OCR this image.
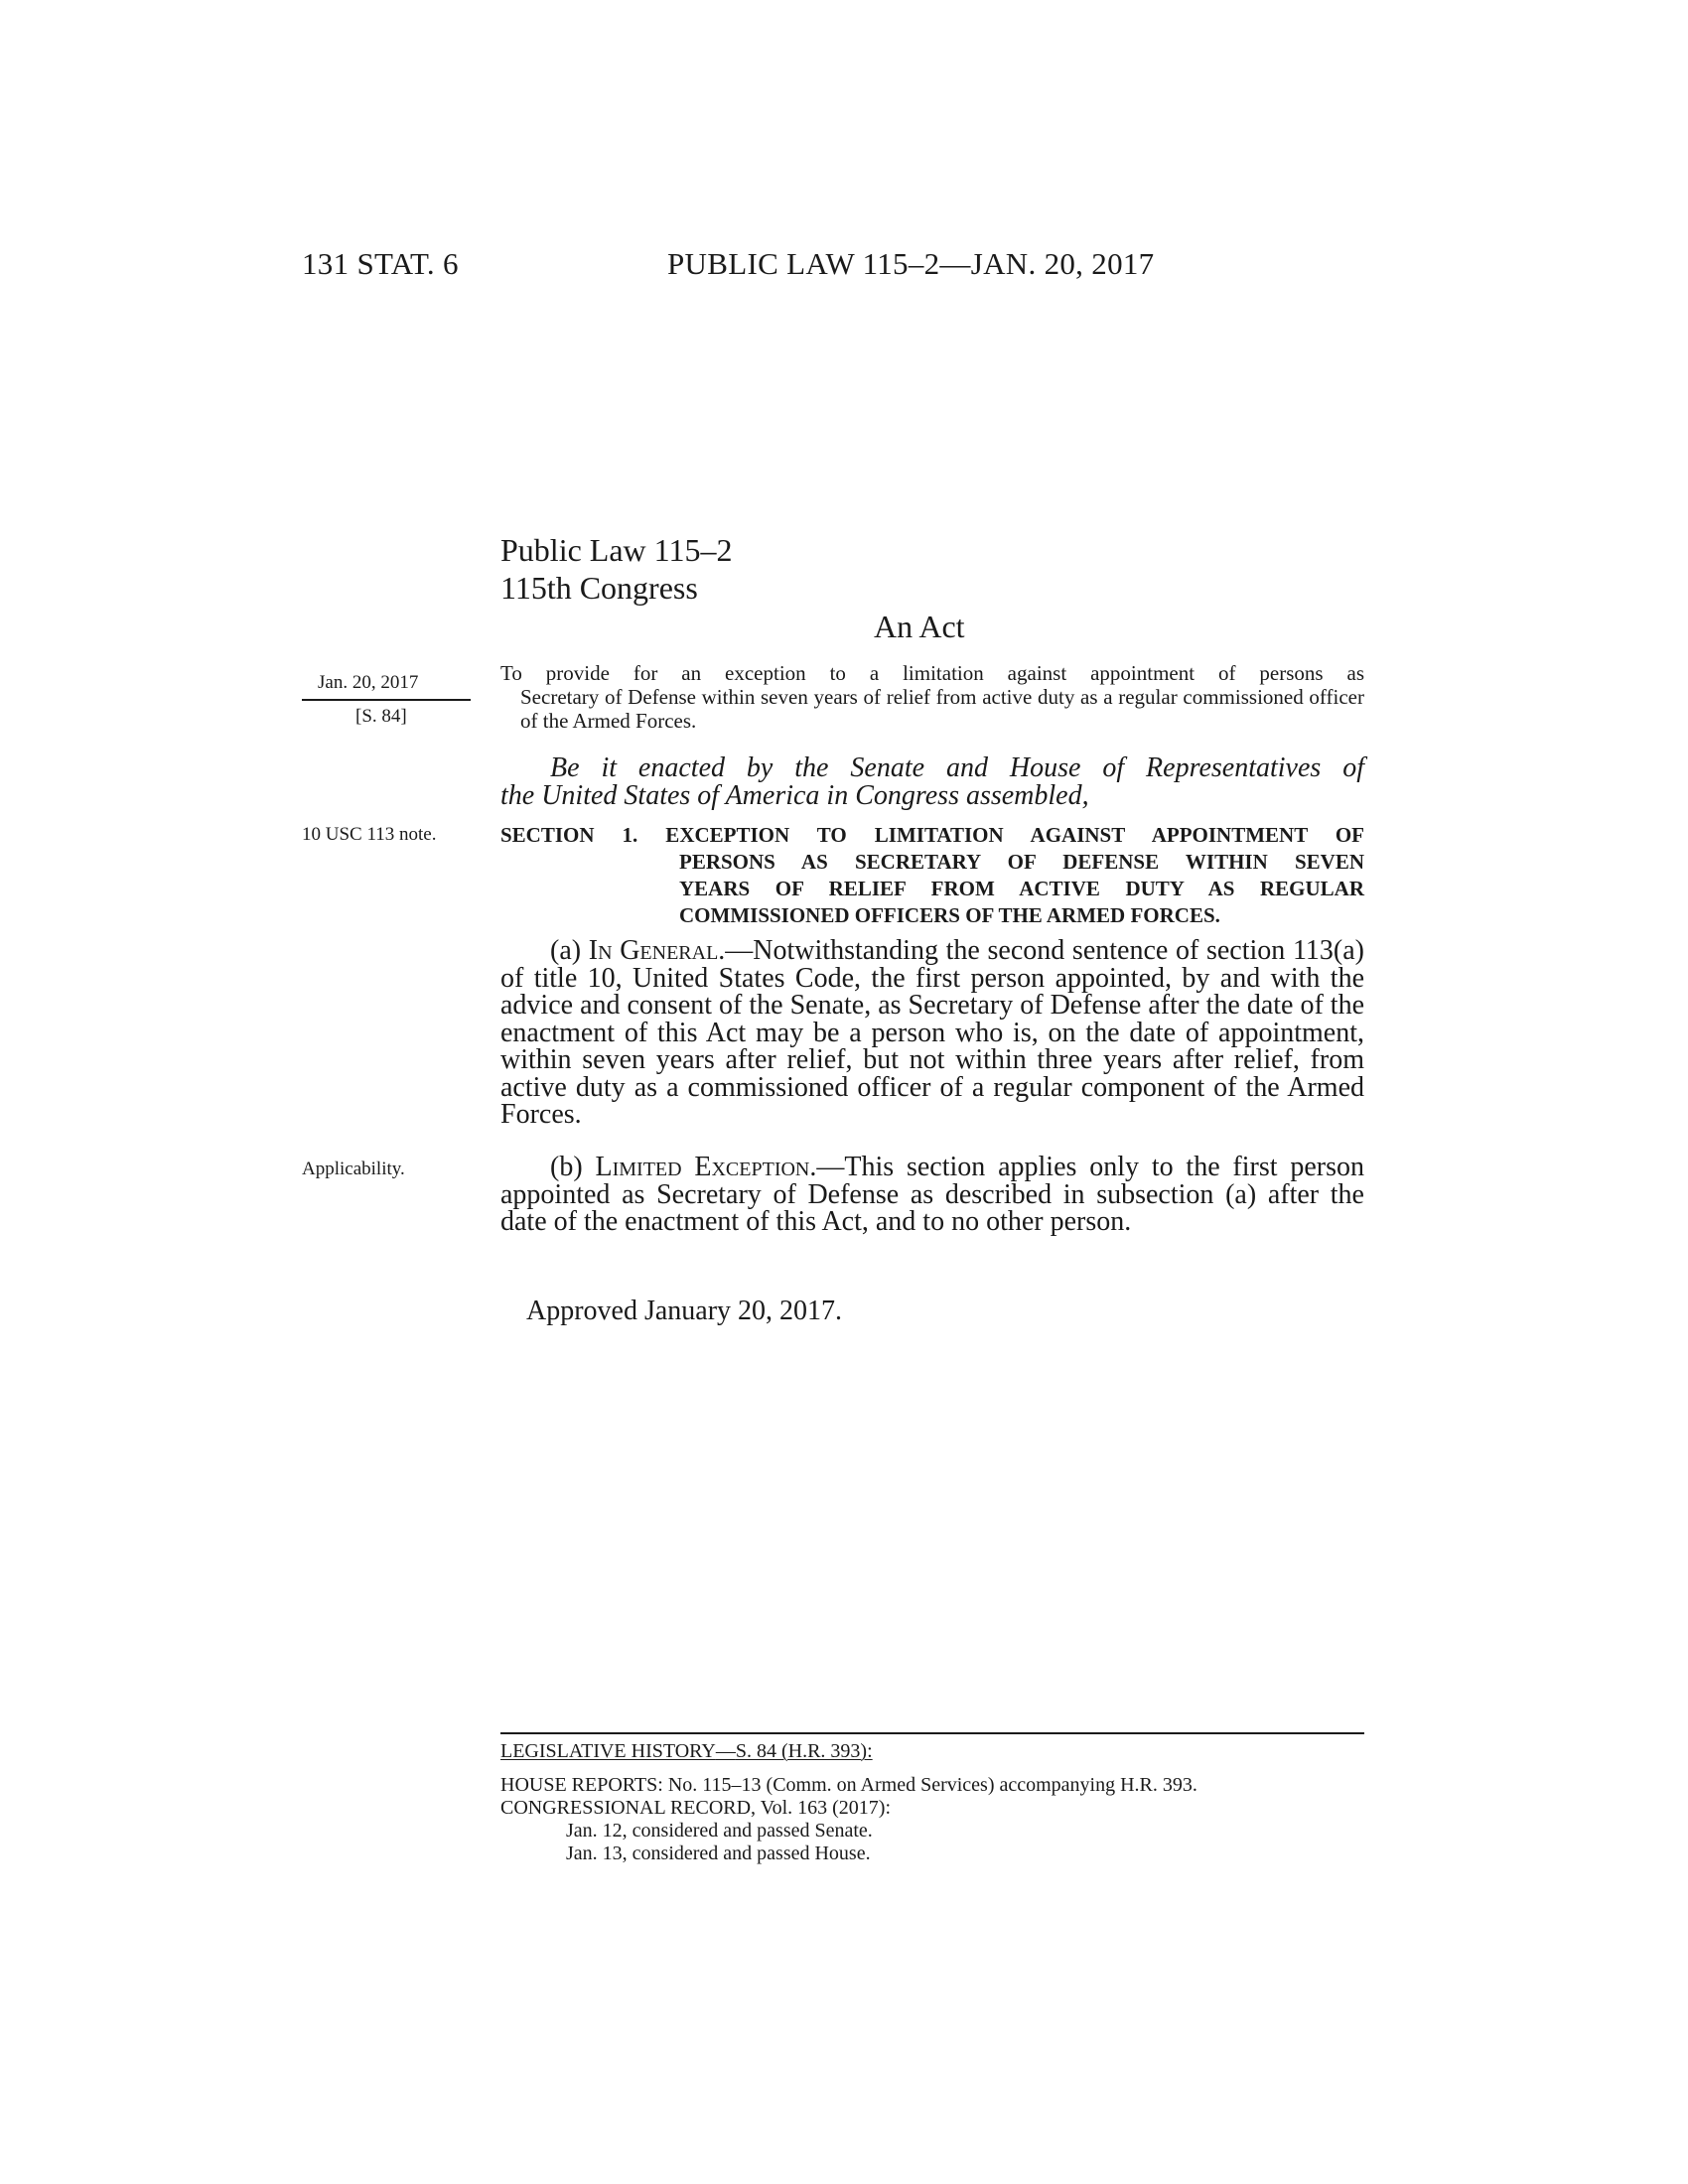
131 STAT. 6	PUBLIC LAW 115–2—JAN. 20, 2017
Public Law 115–2
115th Congress
An Act
Jan. 20, 2017
[S. 84]
10 USC 113 note.
Applicability.
To provide for an exception to a limitation against appointment of persons as
Secretary of Defense within seven years of relief from active duty as a regular commissioned officer of the Armed Forces.
Be it enacted by the Senate and House of Representatives of
the United States of America in Congress assembled,
SECTION 1. EXCEPTION TO LIMITATION AGAINST APPOINTMENT OF
PERSONS AS SECRETARY OF DEFENSE WITHIN SEVEN
YEARS OF RELIEF FROM ACTIVE DUTY AS REGULAR
COMMISSIONED OFFICERS OF THE ARMED FORCES.

(a) In General.—Notwithstanding the second sentence of section 113(a) of title 10, United States Code, the first person appointed, by and with the advice and consent of the Senate, as Secretary of Defense after the date of the enactment of this Act may be a person who is, on the date of appointment, within seven years after relief, but not within three years after relief, from active duty as a commissioned officer of a regular component of the Armed Forces.

(b) Limited Exception.—This section applies only to the first person appointed as Secretary of Defense as described in subsection (a) after the date of the enactment of this Act, and to no other person.

Approved January 20, 2017.
LEGISLATIVE HISTORY—S. 84 (H.R. 393):
HOUSE REPORTS: No. 115–13 (Comm. on Armed Services) accompanying H.R. 393.
CONGRESSIONAL RECORD, Vol. 163 (2017):
Jan. 12, considered and passed Senate.
Jan. 13, considered and passed House.
